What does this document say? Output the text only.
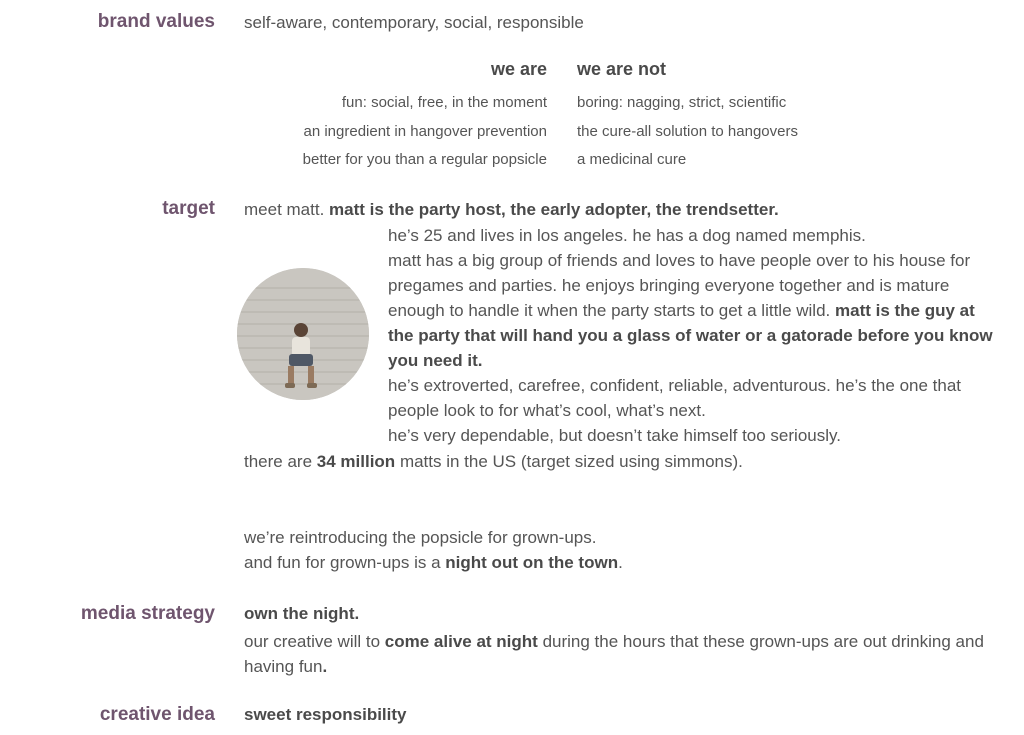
brand values self-aware, contemporary, social, responsible
we are we are not
fun: social, free, in the moment
an ingredient in hangover prevention
better for you than a regular popsicle
boring: nagging, strict, scientific
the cure-all solution to hangovers
a medicinal cure
target meet matt. matt is the party host, the early adopter, the trendsetter.

he’s 25 and lives in los angeles. he has a dog named memphis.

matt has a big group of friends and loves to have people over to his house for pregames and parties. he enjoys bringing everyone together and is mature enough to handle it when the party starts to get a little wild. matt is the guy at the party that will hand you a glass of water or a gatorade before you know you need it.

he’s extroverted, carefree, confident, reliable, adventurous. he’s the one that people look to for what’s cool, what’s next.

he’s very dependable, but doesn’t take himself too seriously.

there are 34 million matts in the US (target sized using simmons).
we’re reintroducing the popsicle for grown-ups.
and fun for grown-ups is a night out on the town.
media strategy own the night.
our creative will to come alive at night during the hours that these grown-ups are out drinking and having fun.
creative idea sweet responsibility
